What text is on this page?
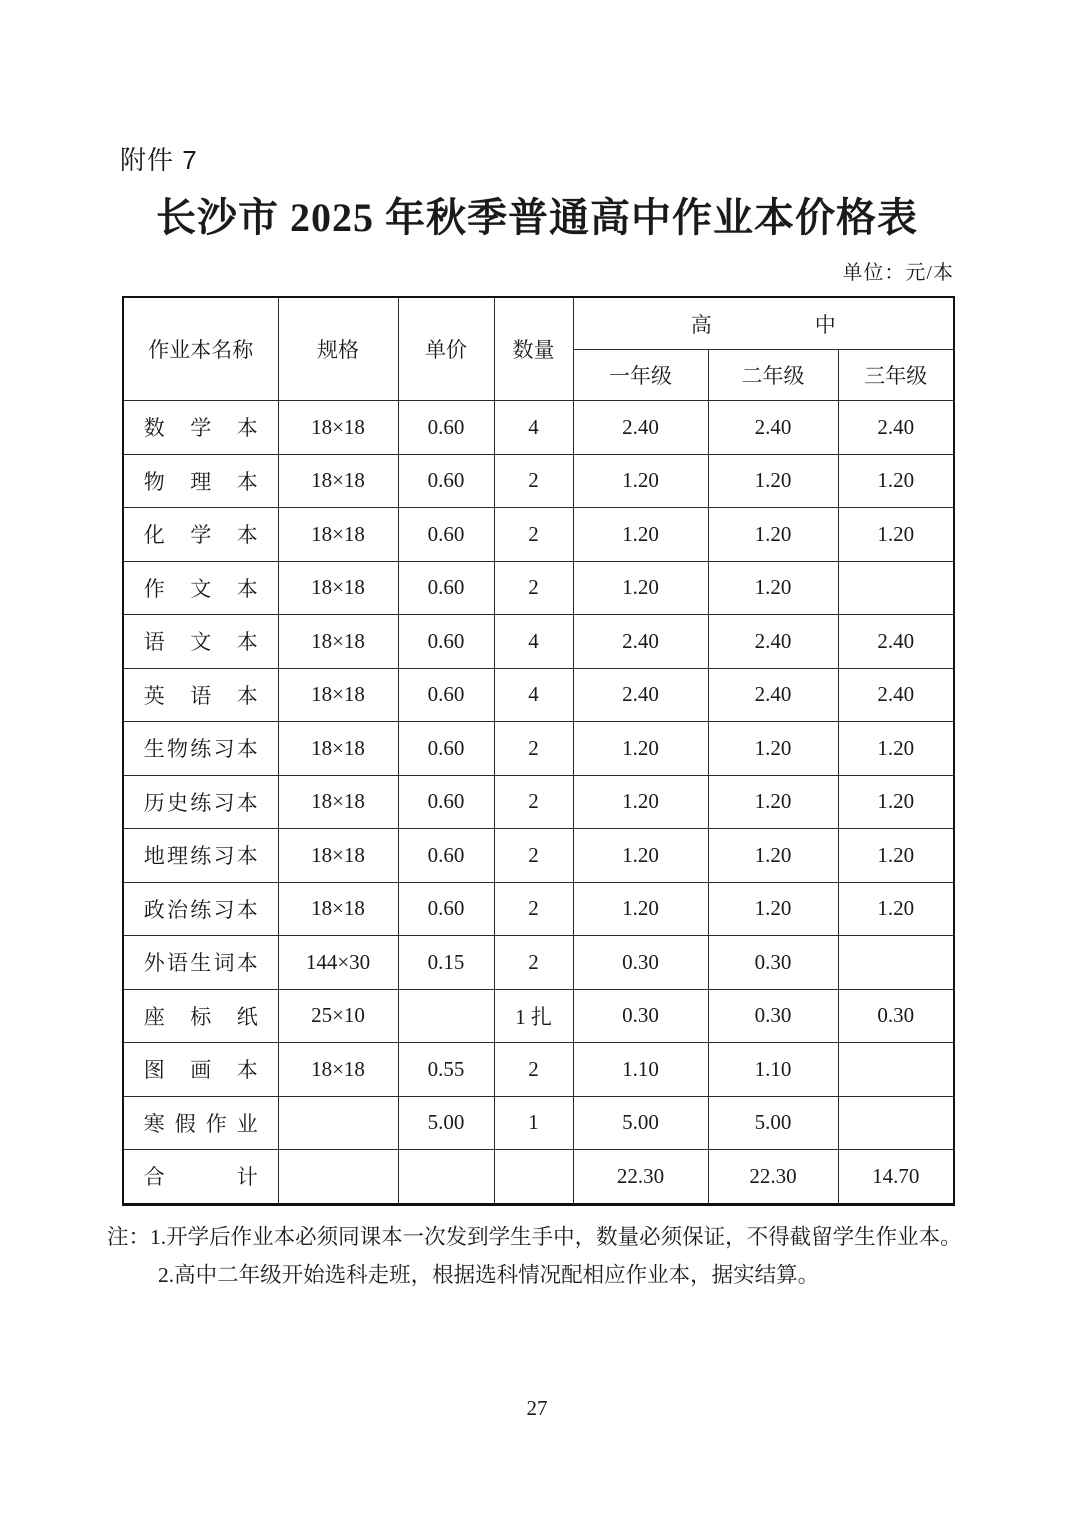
附件 7
长沙市 2025 年秋季普通高中作业本价格表
单位：元/本
作业本名称	规格	单价	数量	高中		
				一年级	二年级	三年级
数学本	18×18	0.60	4	2.40	2.40	2.40
物理本	18×18	0.60	2	1.20	1.20	1.20
化学本	18×18	0.60	2	1.20	1.20	1.20
作文本	18×18	0.60	2	1.20	1.20	
语文本	18×18	0.60	4	2.40	2.40	2.40
英语本	18×18	0.60	4	2.40	2.40	2.40
生物练习本	18×18	0.60	2	1.20	1.20	1.20
历史练习本	18×18	0.60	2	1.20	1.20	1.20
地理练习本	18×18	0.60	2	1.20	1.20	1.20
政治练习本	18×18	0.60	2	1.20	1.20	1.20
外语生词本	144×30	0.15	2	0.30	0.30	
座标纸	25×10		1 扎	0.30	0.30	0.30
图画本	18×18	0.55	2	1.10	1.10	
寒假作业		5.00	1	5.00	5.00	
合计				22.30	22.30	14.70
注：1.开学后作业本必须同课本一次发到学生手中，数量必须保证，不得截留学生作业本。
2.高中二年级开始选科走班，根据选科情况配相应作业本，据实结算。
27
